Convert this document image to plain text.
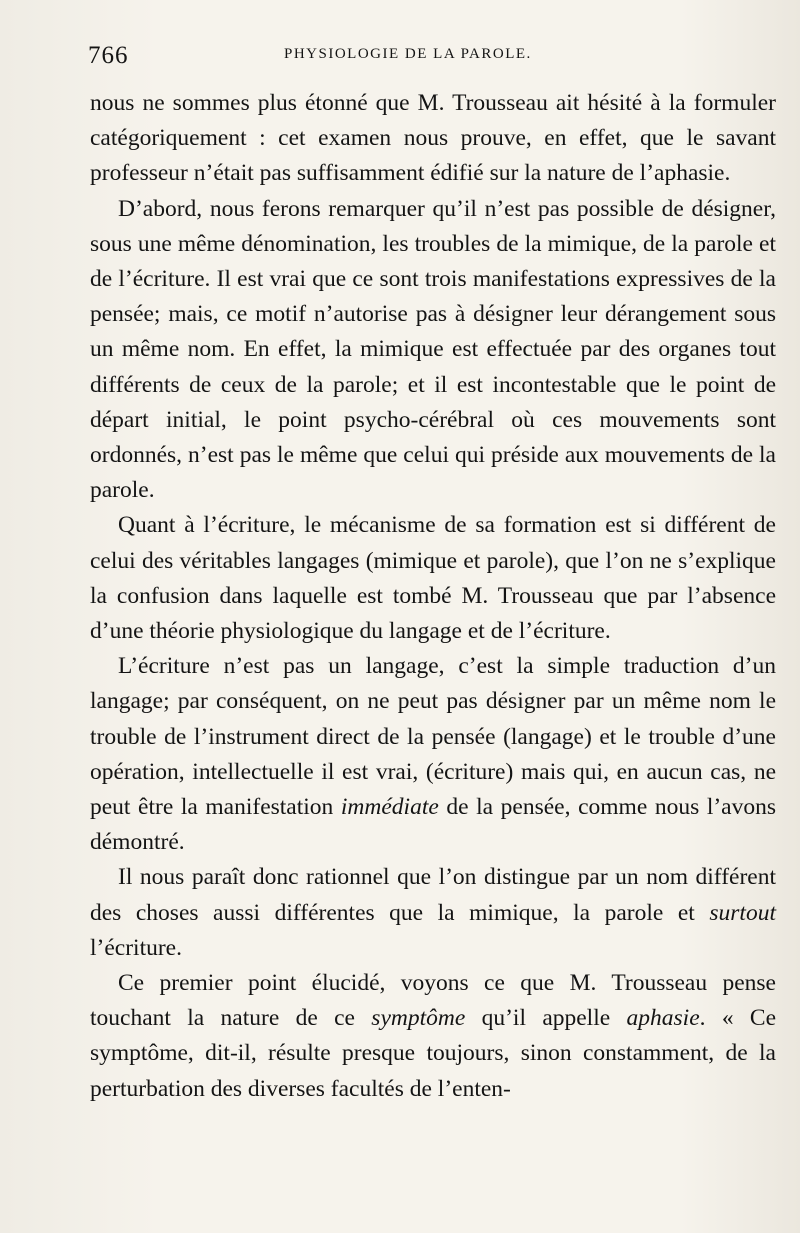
766	PHYSIOLOGIE DE LA PAROLE.

nous ne sommes plus étonné que M. Trousseau ait hésité à la formuler catégoriquement : cet examen nous prouve, en effet, que le savant professeur n’était pas suffisamment édifié sur la nature de l’aphasie.

D’abord, nous ferons remarquer qu’il n’est pas possible de désigner, sous une même dénomination, les troubles de la mimique, de la parole et de l’écriture. Il est vrai que ce sont trois manifestations expressives de la pensée; mais, ce motif n’autorise pas à désigner leur dérangement sous un même nom. En effet, la mimique est effectuée par des organes tout différents de ceux de la parole; et il est incontestable que le point de départ initial, le point psycho-cérébral où ces mouvements sont ordonnés, n’est pas le même que celui qui préside aux mouvements de la parole.

Quant à l’écriture, le mécanisme de sa formation est si différent de celui des véritables langages (mimique et parole), que l’on ne s’explique la confusion dans laquelle est tombé M. Trousseau que par l’absence d’une théorie physiologique du langage et de l’écriture.

L’écriture n’est pas un langage, c’est la simple traduction d’un langage; par conséquent, on ne peut pas désigner par un même nom le trouble de l’instrument direct de la pensée (langage) et le trouble d’une opération, intellectuelle il est vrai, (écriture) mais qui, en aucun cas, ne peut être la manifestation immédiate de la pensée, comme nous l’avons démontré.

Il nous paraît donc rationnel que l’on distingue par un nom différent des choses aussi différentes que la mimique, la parole et surtout l’écriture.

Ce premier point élucidé, voyons ce que M. Trousseau pense touchant la nature de ce symptôme qu’il appelle aphasie. « Ce symptôme, dit-il, résulte presque toujours, sinon constamment, de la perturbation des diverses facultés de l’enten-
